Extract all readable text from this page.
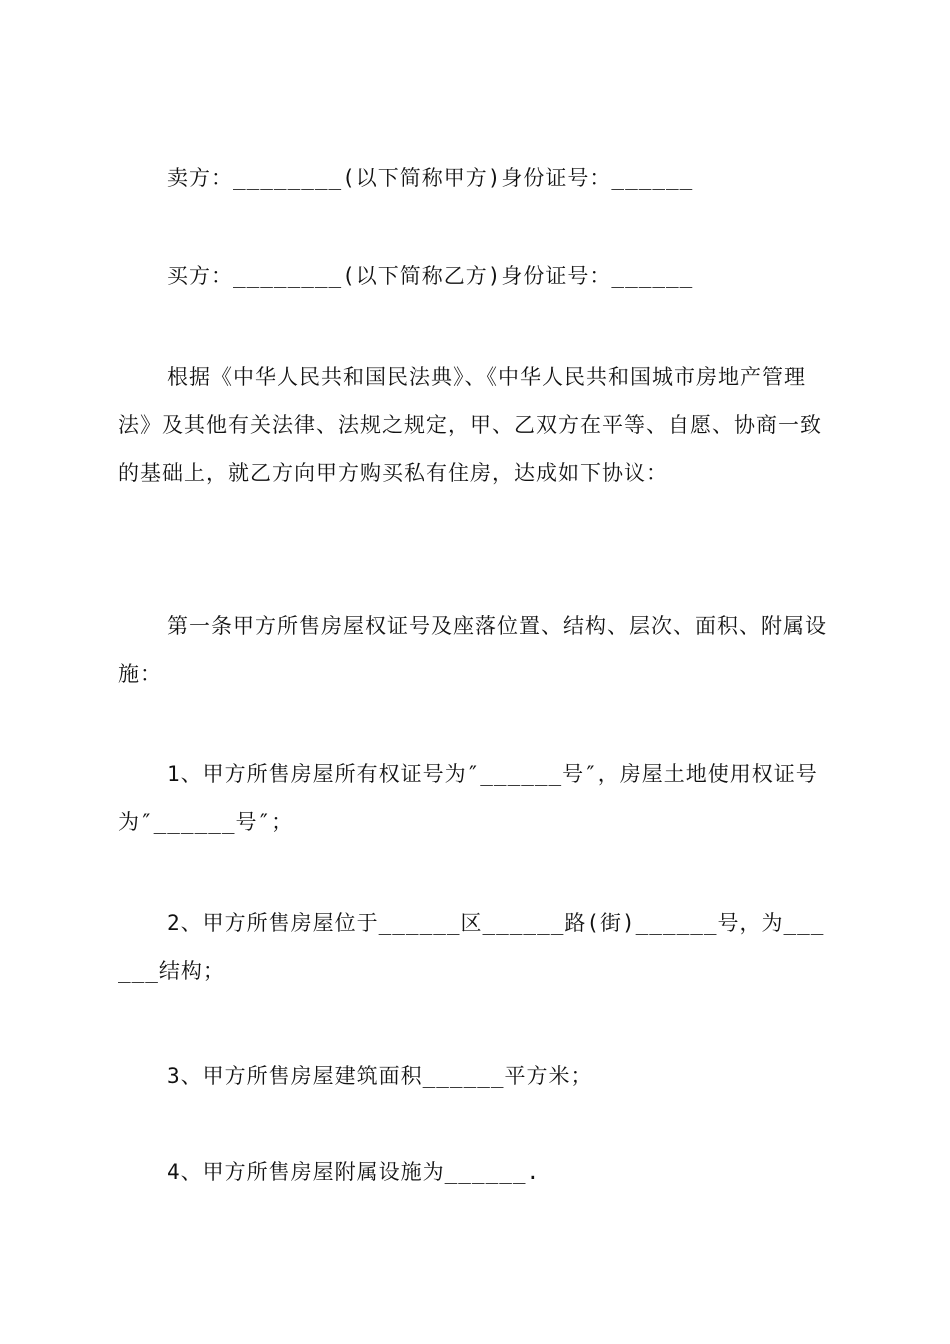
卖方：________(以下简称甲方)身份证号：______

买方：________(以下简称乙方)身份证号：______

根据《中华人民共和国民法典》、《中华人民共和国城市房地产管理法》及其他有关法律、法规之规定，甲、乙双方在平等、自愿、协商一致的基础上，就乙方向甲方购买私有住房，达成如下协议：

第一条甲方所售房屋权证号及座落位置、结构、层次、面积、附属设施：

1、甲方所售房屋所有权证号为″______号″，房屋土地使用权证号为″______号″；

2、甲方所售房屋位于______区______路(街)______号，为______结构；

3、甲方所售房屋建筑面积______平方米；

4、甲方所售房屋附属设施为______.
